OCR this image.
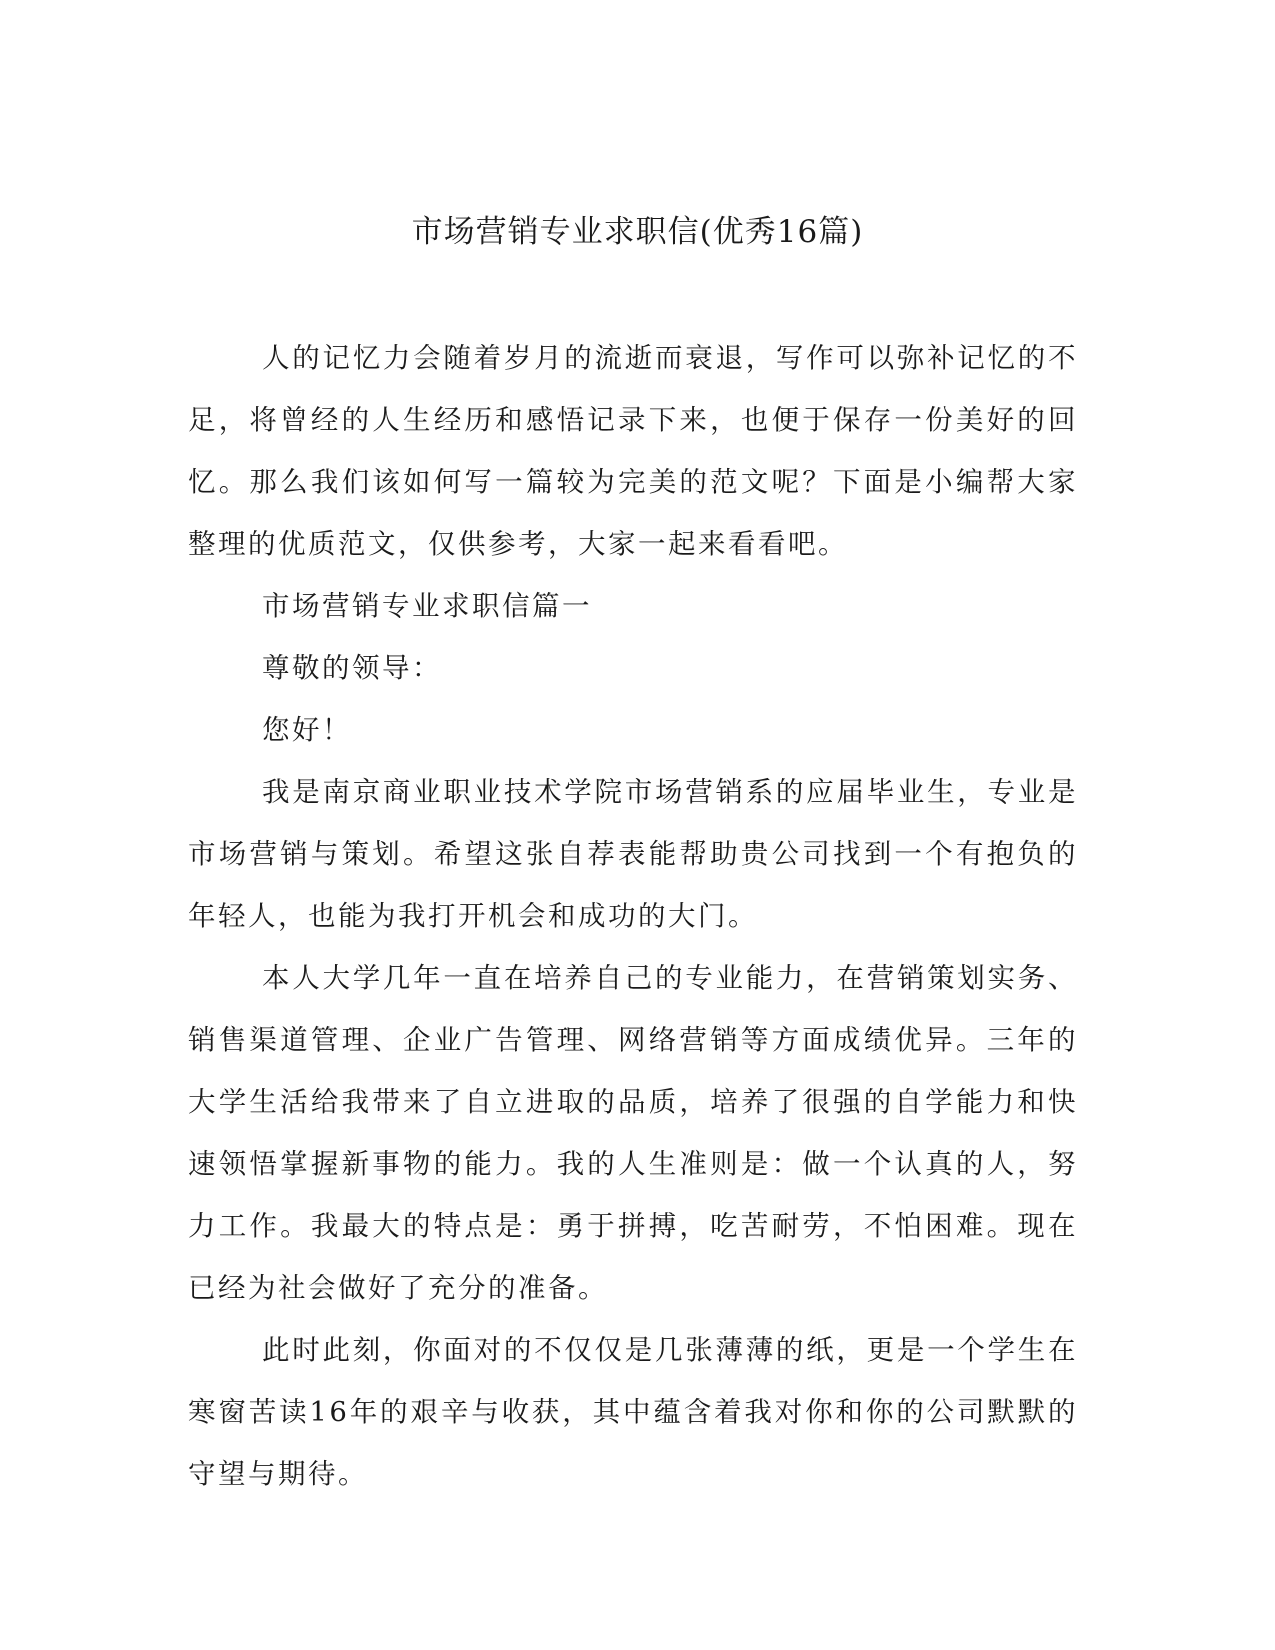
市场营销专业求职信(优秀16篇)

人的记忆力会随着岁月的流逝而衰退，写作可以弥补记忆的不足，将曾经的人生经历和感悟记录下来，也便于保存一份美好的回忆。那么我们该如何写一篇较为完美的范文呢？下面是小编帮大家整理的优质范文，仅供参考，大家一起来看看吧。

市场营销专业求职信篇一

尊敬的领导：

您好！

我是南京商业职业技术学院市场营销系的应届毕业生，专业是市场营销与策划。希望这张自荐表能帮助贵公司找到一个有抱负的年轻人，也能为我打开机会和成功的大门。

本人大学几年一直在培养自己的专业能力，在营销策划实务、销售渠道管理、企业广告管理、网络营销等方面成绩优异。三年的大学生活给我带来了自立进取的品质，培养了很强的自学能力和快速领悟掌握新事物的能力。我的人生准则是：做一个认真的人，努力工作。我最大的特点是：勇于拼搏，吃苦耐劳，不怕困难。现在已经为社会做好了充分的准备。

此时此刻，你面对的不仅仅是几张薄薄的纸，更是一个学生在寒窗苦读16年的艰辛与收获，其中蕴含着我对你和你的公司默默的守望与期待。
